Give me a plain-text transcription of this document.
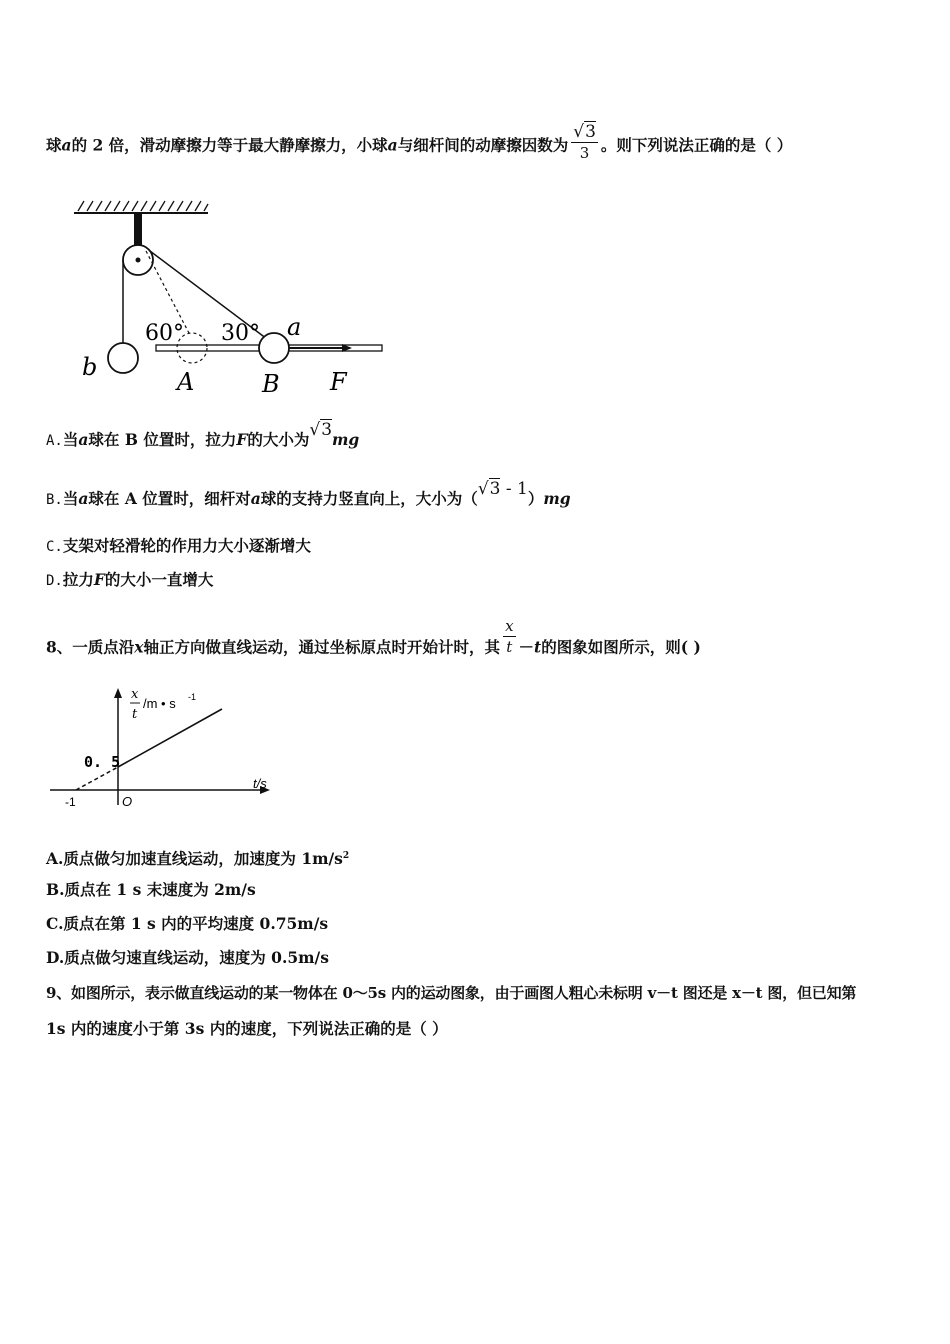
球a的 2 倍，滑动摩擦力等于最大静摩擦力，小球a与细杆间的动摩擦因数为 $\frac{√3}{3}$ 。则下列说法正确的是（ ）
60° 30° a
b
A	B F
A.当a球在 B 位置时，拉力F的大小为√3mg
B.当a球在 A 位置时，细杆对a球的支持力竖直向上，大小为（√3 - 1）mg
C.支架对轻滑轮的作用力大小逐渐增大
D.拉力F的大小一直增大
8、一质点沿x轴正方向做直线运动，通过坐标原点时开始计时，其 $\frac{x}{t} -t$的图象如图所示，则( )
x
t
/m • s -1
0. 5
t/s
O
-1
A.质点做匀加速直线运动，加速度为 $1m/s^2$
B.质点在 1 s 末速度为 2m/s
C.质点在第 1 s 内的平均速度 0.75m/s
D.质点做匀速直线运动，速度为 0.5m/s
9、如图所示，表示做直线运动的某一物体在 0～5s 内的运动图象，由于画图人粗心未标明 v－t 图还是 x－t 图，但已知第
1s 内的速度小于第 3s 内的速度，下列说法正确的是（ ）
